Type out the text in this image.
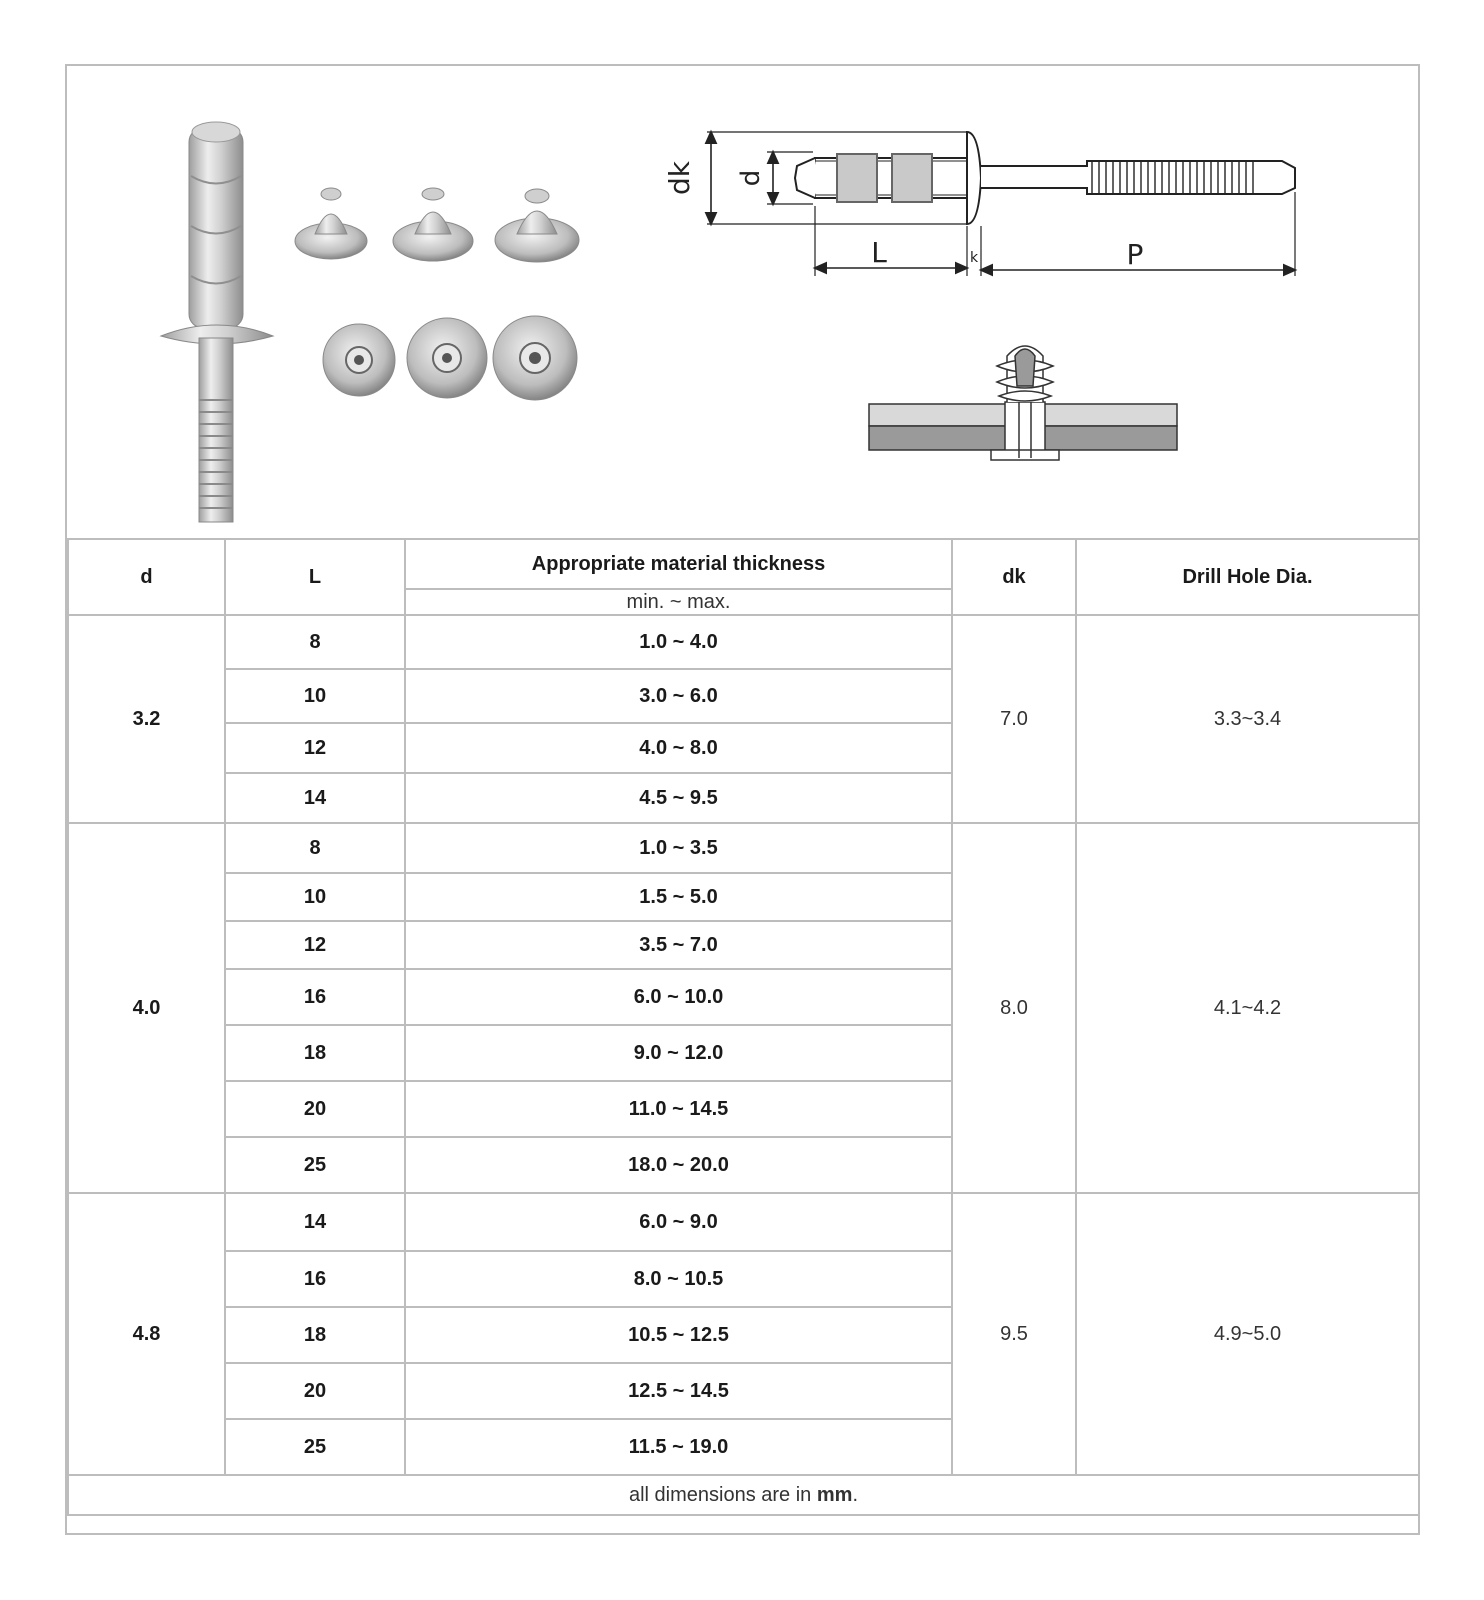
dk d
L	k	P
d	L	Appropriate material thickness	dk	Drill Hole Dia.
		min. ~ max.		
3.2	8	1.0 ~ 4.0	7.0	3.3~3.4
	10	3.0 ~ 6.0		
	12	4.0 ~ 8.0		
	14	4.5 ~ 9.5		
4.0	8	1.0 ~ 3.5	8.0	4.1~4.2
	10	1.5 ~ 5.0		
	12	3.5 ~ 7.0		
	16	6.0 ~ 10.0		
	18	9.0 ~ 12.0		
	20	11.0 ~ 14.5		
	25	18.0 ~ 20.0		
4.8	14	6.0 ~ 9.0	9.5	4.9~5.0
	16	8.0 ~ 10.5		
	18	10.5 ~ 12.5		
	20	12.5 ~ 14.5		
	25	11.5 ~ 19.0		
all dimensions are in mm.				
